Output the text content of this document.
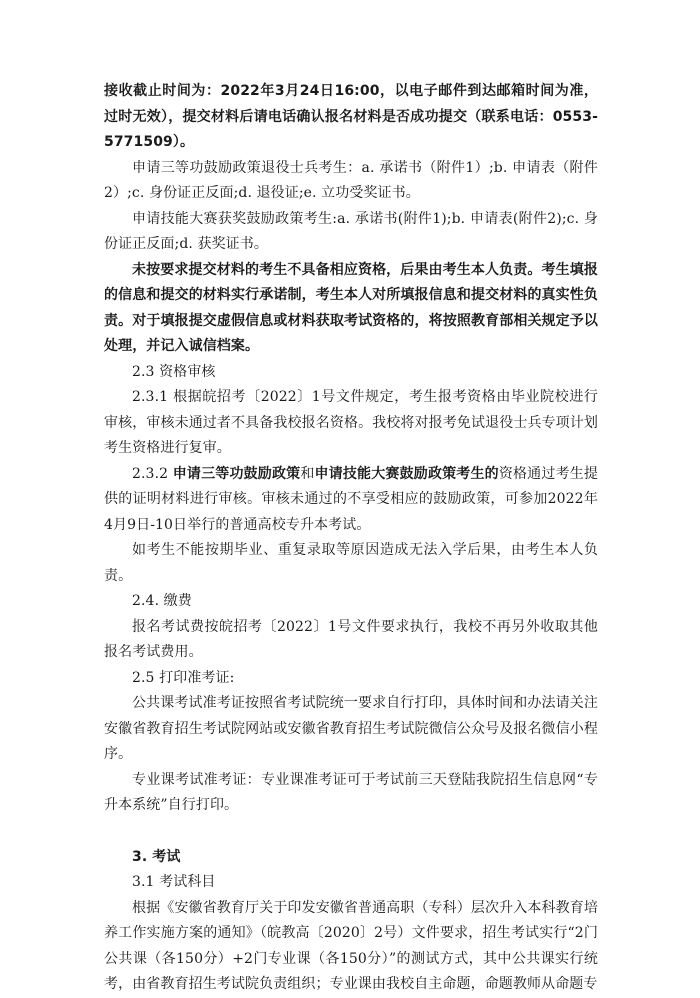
接收截止时间为：2022年3月24日16:00，以电子邮件到达邮箱时间为准，过时无效），提交材料后请电话确认报名材料是否成功提交（联系电话：0553-5771509）。

申请三等功鼓励政策退役士兵考生：a. 承诺书（附件1）;b. 申请表（附件2）;c. 身份证正反面;d. 退役证;e. 立功受奖证书。

申请技能大赛获奖鼓励政策考生:a. 承诺书(附件1);b. 申请表(附件2);c. 身份证正反面;d. 获奖证书。

未按要求提交材料的考生不具备相应资格，后果由考生本人负责。考生填报的信息和提交的材料实行承诺制，考生本人对所填报信息和提交材料的真实性负责。对于填报提交虚假信息或材料获取考试资格的，将按照教育部相关规定予以处理，并记入诚信档案。

2.3 资格审核

2.3.1 根据皖招考〔2022〕1号文件规定，考生报考资格由毕业院校进行审核，审核未通过者不具备我校报名资格。我校将对报考免试退役士兵专项计划考生资格进行复审。

2.3.2 申请三等功鼓励政策和申请技能大赛鼓励政策考生的资格通过考生提供的证明材料进行审核。审核未通过的不享受相应的鼓励政策，可参加2022年4月9日-10日举行的普通高校专升本考试。

如考生不能按期毕业、重复录取等原因造成无法入学后果，由考生本人负责。

2.4. 缴费

报名考试费按皖招考〔2022〕1号文件要求执行，我校不再另外收取其他报名考试费用。

2.5 打印准考证:

公共课考试准考证按照省考试院统一要求自行打印，具体时间和办法请关注安徽省教育招生考试院网站或安徽省教育招生考试院微信公众号及报名微信小程序。

专业课考试准考证：专业课准考证可于考试前三天登陆我院招生信息网“专升本系统”自行打印。

3. 考试

3.1 考试科目

根据《安徽省教育厅关于印发安徽省普通高职（专科）层次升入本科教育培养工作实施方案的通知》（皖教高〔2020〕2号）文件要求，招生考试实行“2门公共课（各150分）+2门专业课（各150分）”的测试方式，其中公共课实行统考，由省教育招生考试院负责组织；专业课由我校自主命题，命题教师从命题专
